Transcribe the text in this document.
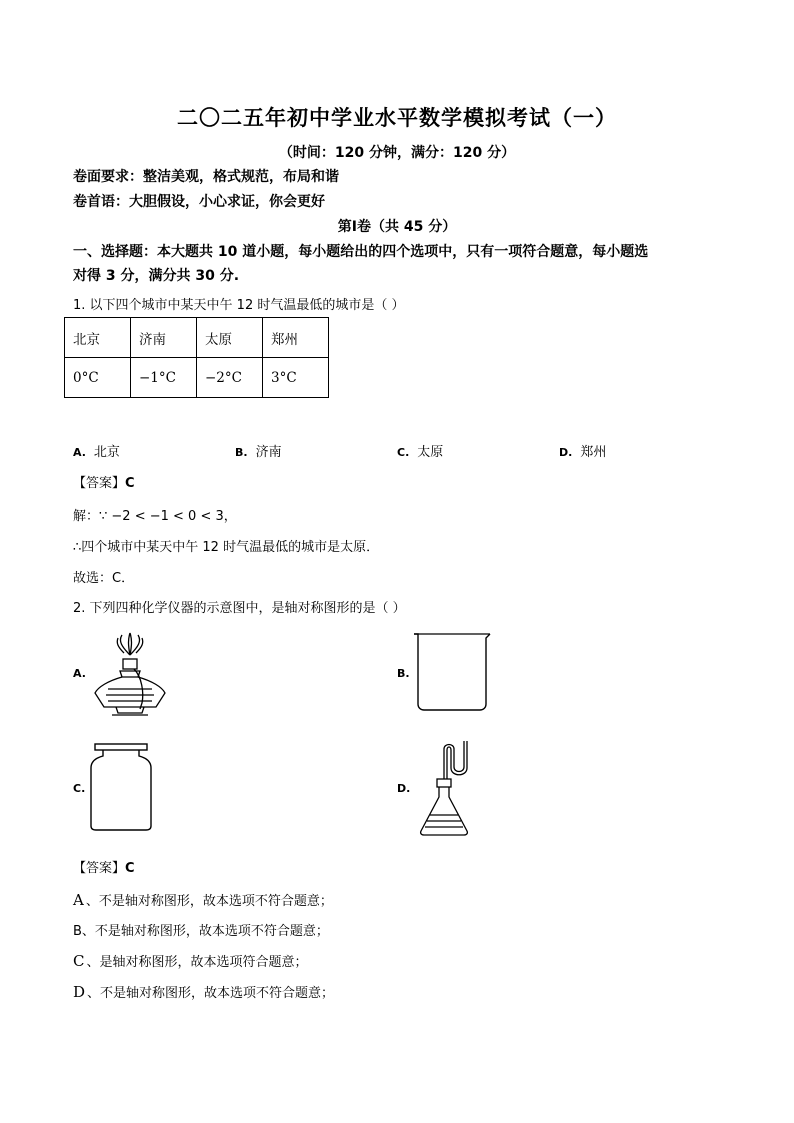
二〇二五年初中学业水平数学模拟考试（一）
（时间：120 分钟，满分：120 分）
卷面要求：整洁美观，格式规范，布局和谐
卷首语：大胆假设，小心求证，你会更好
第Ⅰ卷（共 45 分）
一、选择题：本大题共 10 道小题，每小题给出的四个选项中，只有一项符合题意，每小题选
对得 3 分，满分共 30 分.
1. 以下四个城市中某天中午 12 时气温最低的城市是（ ）
北京	济南	太原	郑州
0°C	−1°C	−2°C	3°C
A. 北京	B. 济南	C. 太原	D. 郑州
【答案】C
解：∵ −2 < −1 < 0 < 3，
∴四个城市中某天中午 12 时气温最低的城市是太原．
故选：C．
2. 下列四种化学仪器的示意图中，是轴对称图形的是（ ）
A.	B.
C.	D.
【答案】C
A 、不是轴对称图形，故本选项不符合题意；
B、不是轴对称图形，故本选项不符合题意；
C 、是轴对称图形，故本选项符合题意；
D 、不是轴对称图形，故本选项不符合题意；
